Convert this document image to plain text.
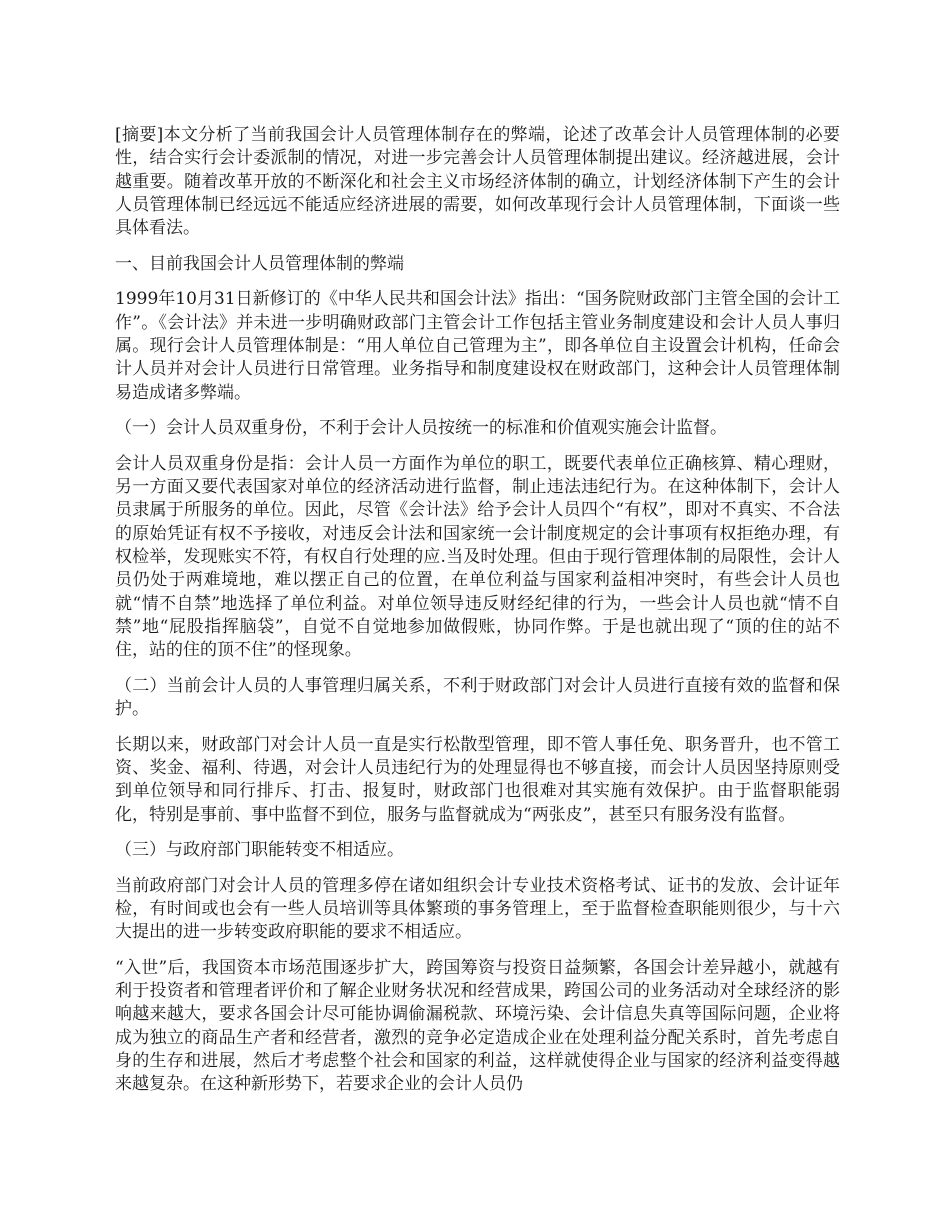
[摘要]本文分析了当前我国会计人员管理体制存在的弊端，论述了改革会计人员管理体制的必要性，结合实行会计委派制的情况，对进一步完善会计人员管理体制提出建议。经济越进展，会计越重要。随着改革开放的不断深化和社会主义市场经济体制的确立，计划经济体制下产生的会计人员管理体制已经远远不能适应经济进展的需要，如何改革现行会计人员管理体制，下面谈一些具体看法。

一、目前我国会计人员管理体制的弊端

1999年10月31日新修订的《中华人民共和国会计法》指出：“国务院财政部门主管全国的会计工作”。《会计法》并未进一步明确财政部门主管会计工作包括主管业务制度建设和会计人员人事归属。现行会计人员管理体制是：“用人单位自己管理为主”，即各单位自主设置会计机构，任命会计人员并对会计人员进行日常管理。业务指导和制度建设权在财政部门，这种会计人员管理体制易造成诸多弊端。

（一）会计人员双重身份，不利于会计人员按统一的标准和价值观实施会计监督。

会计人员双重身份是指：会计人员一方面作为单位的职工，既要代表单位正确核算、精心理财，另一方面又要代表国家对单位的经济活动进行监督，制止违法违纪行为。在这种体制下，会计人员隶属于所服务的单位。因此，尽管《会计法》给予会计人员四个“有权”，即对不真实、不合法的原始凭证有权不予接收，对违反会计法和国家统一会计制度规定的会计事项有权拒绝办理，有权检举，发现账实不符，有权自行处理的应.当及时处理。但由于现行管理体制的局限性，会计人员仍处于两难境地，难以摆正自己的位置，在单位利益与国家利益相冲突时，有些会计人员也就“情不自禁”地选择了单位利益。对单位领导违反财经纪律的行为，一些会计人员也就“情不自禁”地“屁股指挥脑袋”，自觉不自觉地参加做假账，协同作弊。于是也就出现了“顶的住的站不住，站的住的顶不住”的怪现象。

（二）当前会计人员的人事管理归属关系，不利于财政部门对会计人员进行直接有效的监督和保护。

长期以来，财政部门对会计人员一直是实行松散型管理，即不管人事任免、职务晋升，也不管工资、奖金、福利、待遇，对会计人员违纪行为的处理显得也不够直接，而会计人员因坚持原则受到单位领导和同行排斥、打击、报复时，财政部门也很难对其实施有效保护。由于监督职能弱化，特别是事前、事中监督不到位，服务与监督就成为“两张皮”，甚至只有服务没有监督。

（三）与政府部门职能转变不相适应。

当前政府部门对会计人员的管理多停在诸如组织会计专业技术资格考试、证书的发放、会计证年检，有时间或也会有一些人员培训等具体繁琐的事务管理上，至于监督检查职能则很少，与十六大提出的进一步转变政府职能的要求不相适应。

“入世”后，我国资本市场范围逐步扩大，跨国筹资与投资日益频繁，各国会计差异越小，就越有利于投资者和管理者评价和了解企业财务状况和经营成果，跨国公司的业务活动对全球经济的影响越来越大，要求各国会计尽可能协调偷漏税款、环境污染、会计信息失真等国际问题，企业将成为独立的商品生产者和经营者，激烈的竞争必定造成企业在处理利益分配关系时，首先考虑自身的生存和进展，然后才考虑整个社会和国家的利益，这样就使得企业与国家的经济利益变得越来越复杂。在这种新形势下，若要求企业的会计人员仍
